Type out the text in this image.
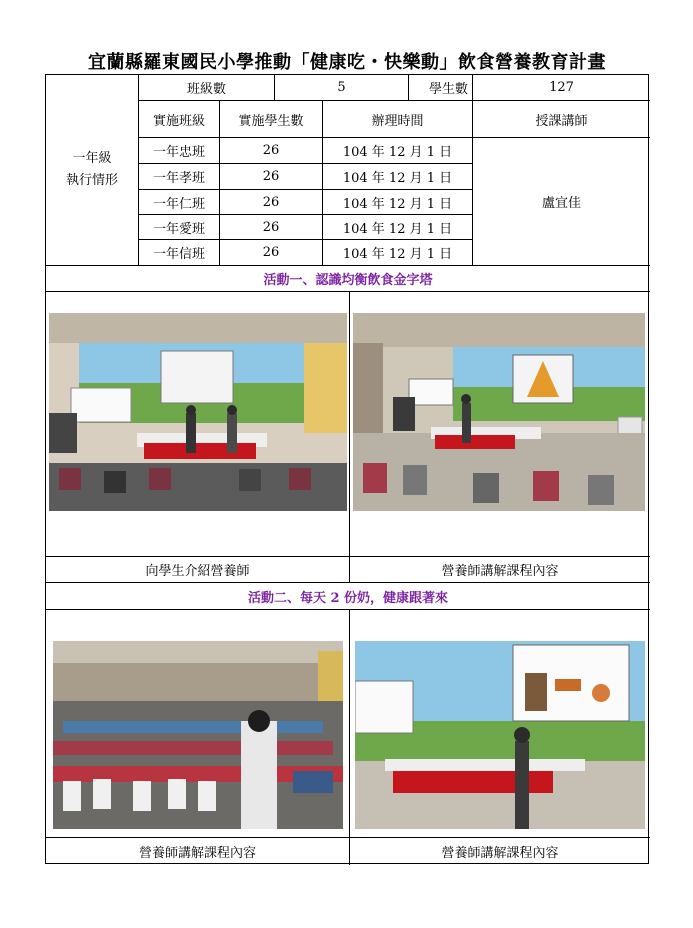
宜蘭縣羅東國民小學推動「健康吃・快樂動」飲食營養教育計畫
班級數	5	學生數	127
一年級
執行情形
實施班級	實施學生數	辦理時間	授課講師
一年忠班	26	104 年 12 月 1 日
一年孝班	26	104 年 12 月 1 日
一年仁班	26	104 年 12 月 1 日
一年愛班	26	104 年 12 月 1 日
一年信班	26	104 年 12 月 1 日
盧宜佳
活動一、認識均衡飲食金字塔
向學生介紹營養師	營養師講解課程內容
活動二、每天 2 份奶，健康跟著來
營養師講解課程內容	營養師講解課程內容
